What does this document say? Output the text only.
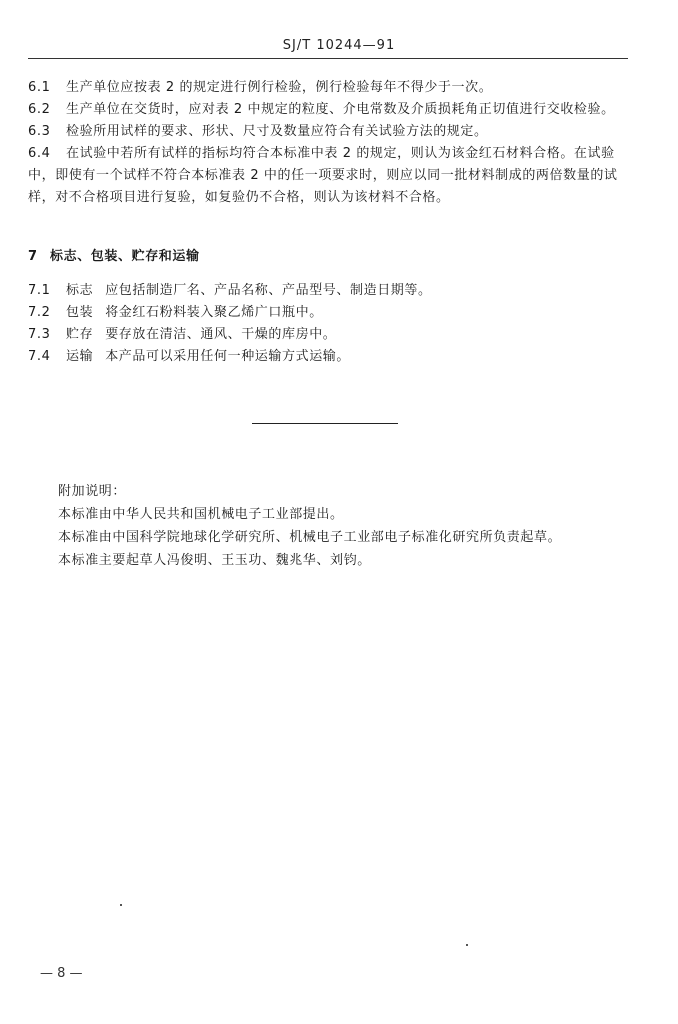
SJ/T 10244—91

6.1 生产单位应按表 2 的规定进行例行检验，例行检验每年不得少于一次。

6.2 生产单位在交货时，应对表 2 中规定的粒度、介电常数及介质损耗角正切值进行交收检验。

6.3 检验所用试样的要求、形状、尺寸及数量应符合有关试验方法的规定。

6.4 在试验中若所有试样的指标均符合本标准中表 2 的规定，则认为该金红石材料合格。在试验中，即使有一个试样不符合本标准表 2 中的任一项要求时，则应以同一批材料制成的两倍数量的试样，对不合格项目进行复验，如复验仍不合格，则认为该材料不合格。

7 标志、包装、贮存和运输

7.1 标志 应包括制造厂名、产品名称、产品型号、制造日期等。

7.2 包装 将金红石粉料装入聚乙烯广口瓶中。

7.3 贮存 要存放在清洁、通风、干燥的库房中。

7.4 运输 本产品可以采用任何一种运输方式运输。

附加说明：

本标准由中华人民共和国机械电子工业部提出。

本标准由中国科学院地球化学研究所、机械电子工业部电子标准化研究所负责起草。

本标准主要起草人冯俊明、王玉功、魏兆华、刘钧。

— 8 —
